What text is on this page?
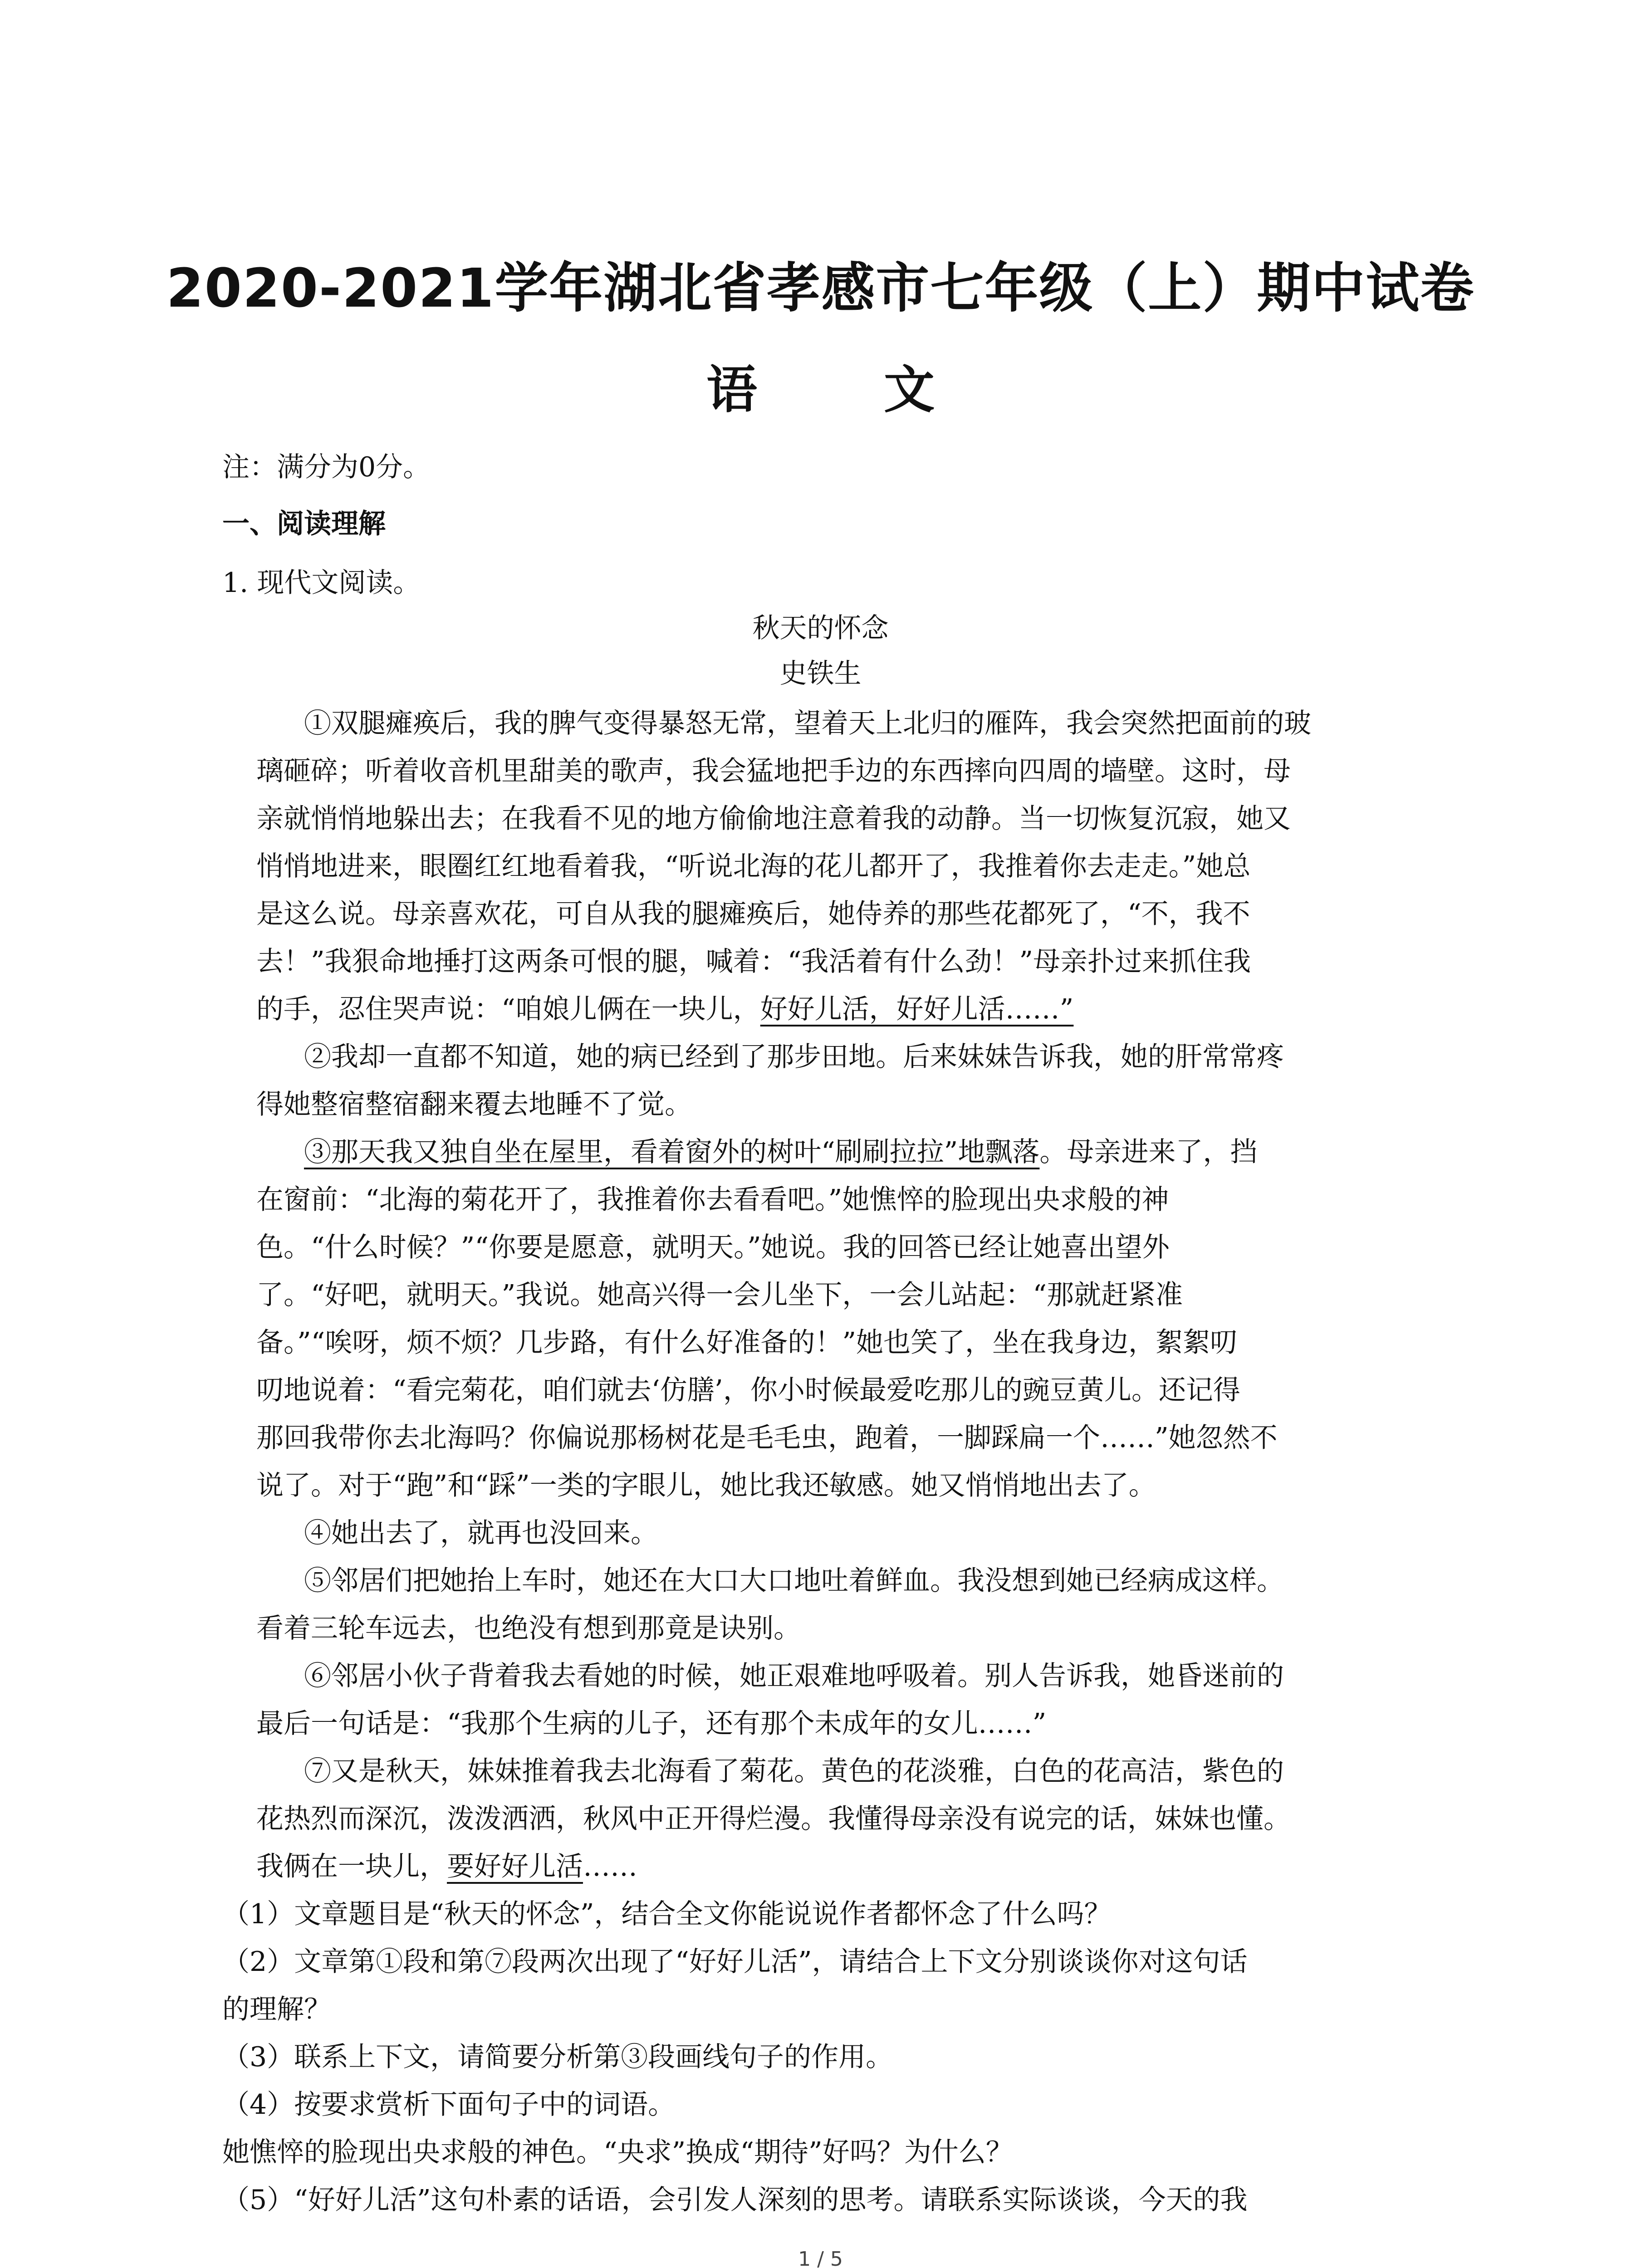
2020-2021学年湖北省孝感市七年级（上）期中试卷
语 文
注：满分为0分。
一、阅读理解
1. 现代文阅读。
秋天的怀念
史铁生
①双腿瘫痪后，我的脾气变得暴怒无常，望着天上北归的雁阵，我会突然把面前的玻
璃砸碎；听着收音机里甜美的歌声，我会猛地把手边的东西摔向四周的墙壁。这时，母
亲就悄悄地躲出去；在我看不见的地方偷偷地注意着我的动静。当一切恢复沉寂，她又
悄悄地进来，眼圈红红地看着我，“听说北海的花儿都开了，我推着你去走走。”她总
是这么说。母亲喜欢花，可自从我的腿瘫痪后，她侍养的那些花都死了，“不，我不
去！”我狠命地捶打这两条可恨的腿，喊着：“我活着有什么劲！”母亲扑过来抓住我
的手，忍住哭声说：“咱娘儿俩在一块儿，好好儿活，好好儿活……”
②我却一直都不知道，她的病已经到了那步田地。后来妹妹告诉我，她的肝常常疼
得她整宿整宿翻来覆去地睡不了觉。
③那天我又独自坐在屋里，看着窗外的树叶“刷刷拉拉”地飘落。母亲进来了，挡
在窗前：“北海的菊花开了，我推着你去看看吧。”她憔悴的脸现出央求般的神
色。“什么时候？”“你要是愿意，就明天。”她说。我的回答已经让她喜出望外
了。“好吧，就明天。”我说。她高兴得一会儿坐下，一会儿站起：“那就赶紧准
备。”“唉呀，烦不烦？几步路，有什么好准备的！”她也笑了，坐在我身边，絮絮叨
叨地说着：“看完菊花，咱们就去‘仿膳’，你小时候最爱吃那儿的豌豆黄儿。还记得
那回我带你去北海吗？你偏说那杨树花是毛毛虫，跑着，一脚踩扁一个……”她忽然不
说了。对于“跑”和“踩”一类的字眼儿，她比我还敏感。她又悄悄地出去了。
④她出去了，就再也没回来。
⑤邻居们把她抬上车时，她还在大口大口地吐着鲜血。我没想到她已经病成这样。
看着三轮车远去，也绝没有想到那竟是诀别。
⑥邻居小伙子背着我去看她的时候，她正艰难地呼吸着。别人告诉我，她昏迷前的
最后一句话是：“我那个生病的儿子，还有那个未成年的女儿……”
⑦又是秋天，妹妹推着我去北海看了菊花。黄色的花淡雅，白色的花高洁，紫色的
花热烈而深沉，泼泼洒洒，秋风中正开得烂漫。我懂得母亲没有说完的话，妹妹也懂。
我俩在一块儿，要好好儿活……
（1）文章题目是“秋天的怀念”，结合全文你能说说作者都怀念了什么吗？
（2）文章第①段和第⑦段两次出现了“好好儿活”，请结合上下文分别谈谈你对这句话
的理解？
（3）联系上下文，请简要分析第③段画线句子的作用。
（4）按要求赏析下面句子中的词语。
她憔悴的脸现出央求般的神色。“央求”换成“期待”好吗？为什么？
（5）“好好儿活”这句朴素的话语，会引发人深刻的思考。请联系实际谈谈，今天的我
1 / 5
